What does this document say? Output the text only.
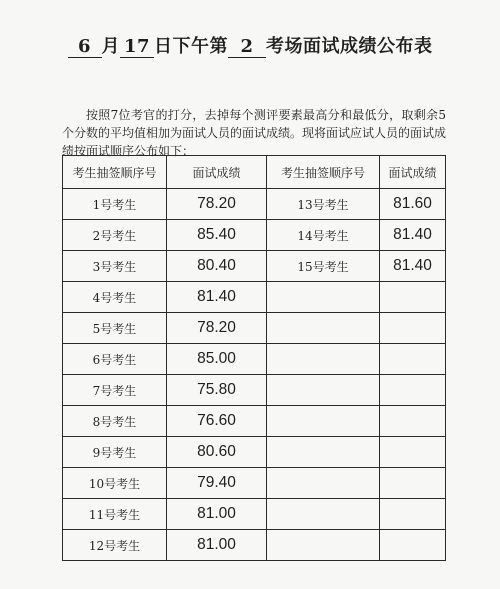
6 月 17 日下午第 2 考场面试成绩公布表

按照7位考官的打分，去掉每个测评要素最高分和最低分，取剩余5个分数的平均值相加为面试人员的面试成绩。现将面试应试人员的面试成绩按面试顺序公布如下：

考生抽签顺序号	面试成绩	考生抽签顺序号	面试成绩
1号考生	78.20	13号考生	81.60
2号考生	85.40	14号考生	81.40
3号考生	80.40	15号考生	81.40
4号考生	81.40		
5号考生	78.20		
6号考生	85.00		
7号考生	75.80		
8号考生	76.60		
9号考生	80.60		
10号考生	79.40		
11号考生	81.00		
12号考生	81.00		
